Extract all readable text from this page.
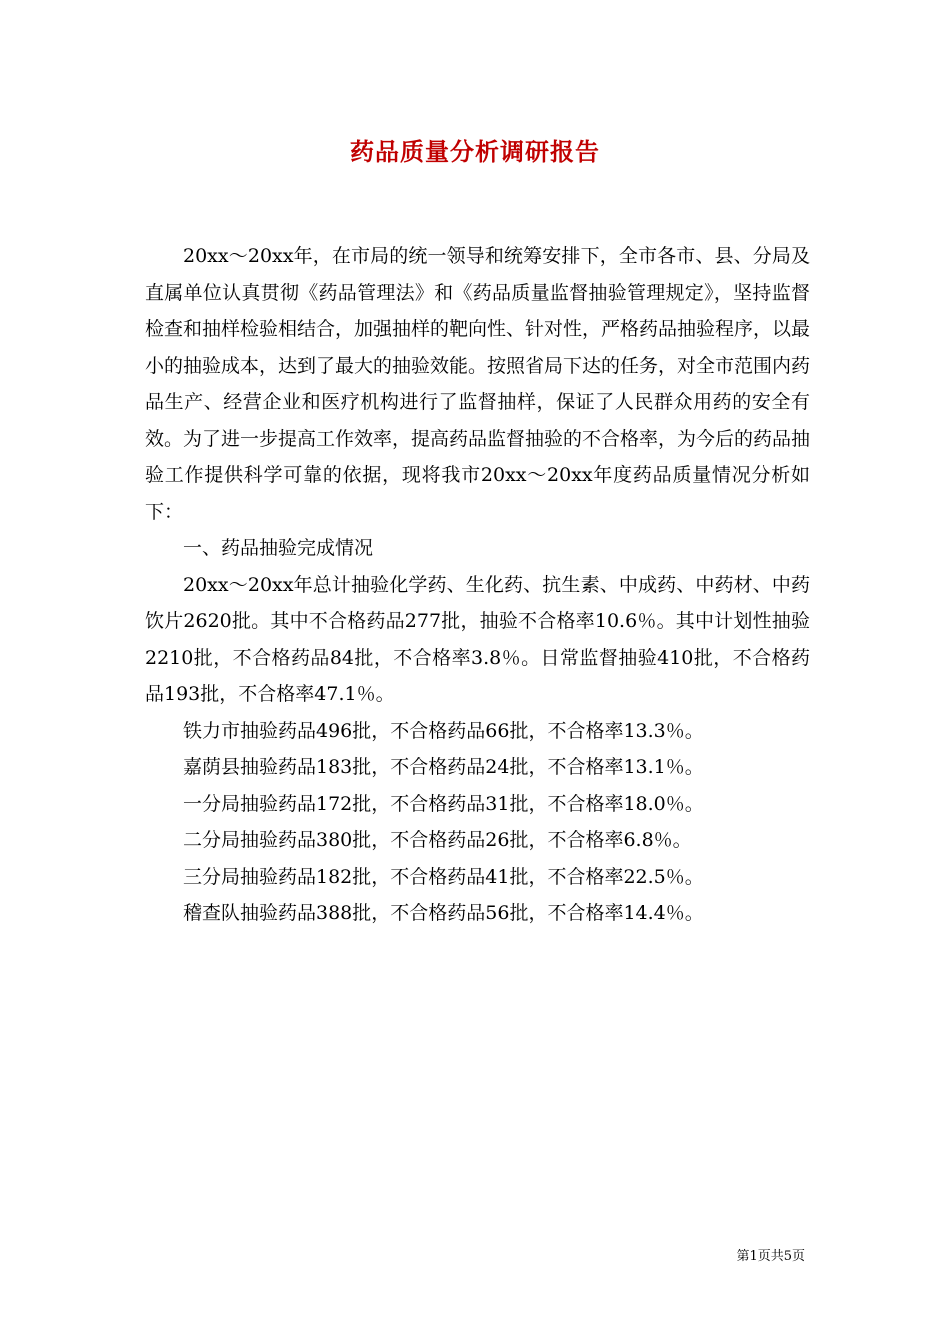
药品质量分析调研报告

20xx～20xx年，在市局的统一领导和统筹安排下，全市各市、县、分局及直属单位认真贯彻《药品管理法》和《药品质量监督抽验管理规定》，坚持监督检查和抽样检验相结合，加强抽样的靶向性、针对性，严格药品抽验程序，以最小的抽验成本，达到了最大的抽验效能。按照省局下达的任务，对全市范围内药品生产、经营企业和医疗机构进行了监督抽样，保证了人民群众用药的安全有效。为了进一步提高工作效率，提高药品监督抽验的不合格率，为今后的药品抽验工作提供科学可靠的依据，现将我市20xx～20xx年度药品质量情况分析如下：

一、药品抽验完成情况

20xx～20xx年总计抽验化学药、生化药、抗生素、中成药、中药材、中药饮片2620批。其中不合格药品277批，抽验不合格率10.6％。其中计划性抽验2210批，不合格药品84批，不合格率3.8％。日常监督抽验410批，不合格药品193批，不合格率47.1％。

铁力市抽验药品496批，不合格药品66批，不合格率13.3％。

嘉荫县抽验药品183批，不合格药品24批，不合格率13.1％。

一分局抽验药品172批，不合格药品31批，不合格率18.0％。

二分局抽验药品380批，不合格药品26批，不合格率6.8％。

三分局抽验药品182批，不合格药品41批，不合格率22.5％。

稽查队抽验药品388批，不合格药品56批，不合格率14.4％。

第1页共5页
